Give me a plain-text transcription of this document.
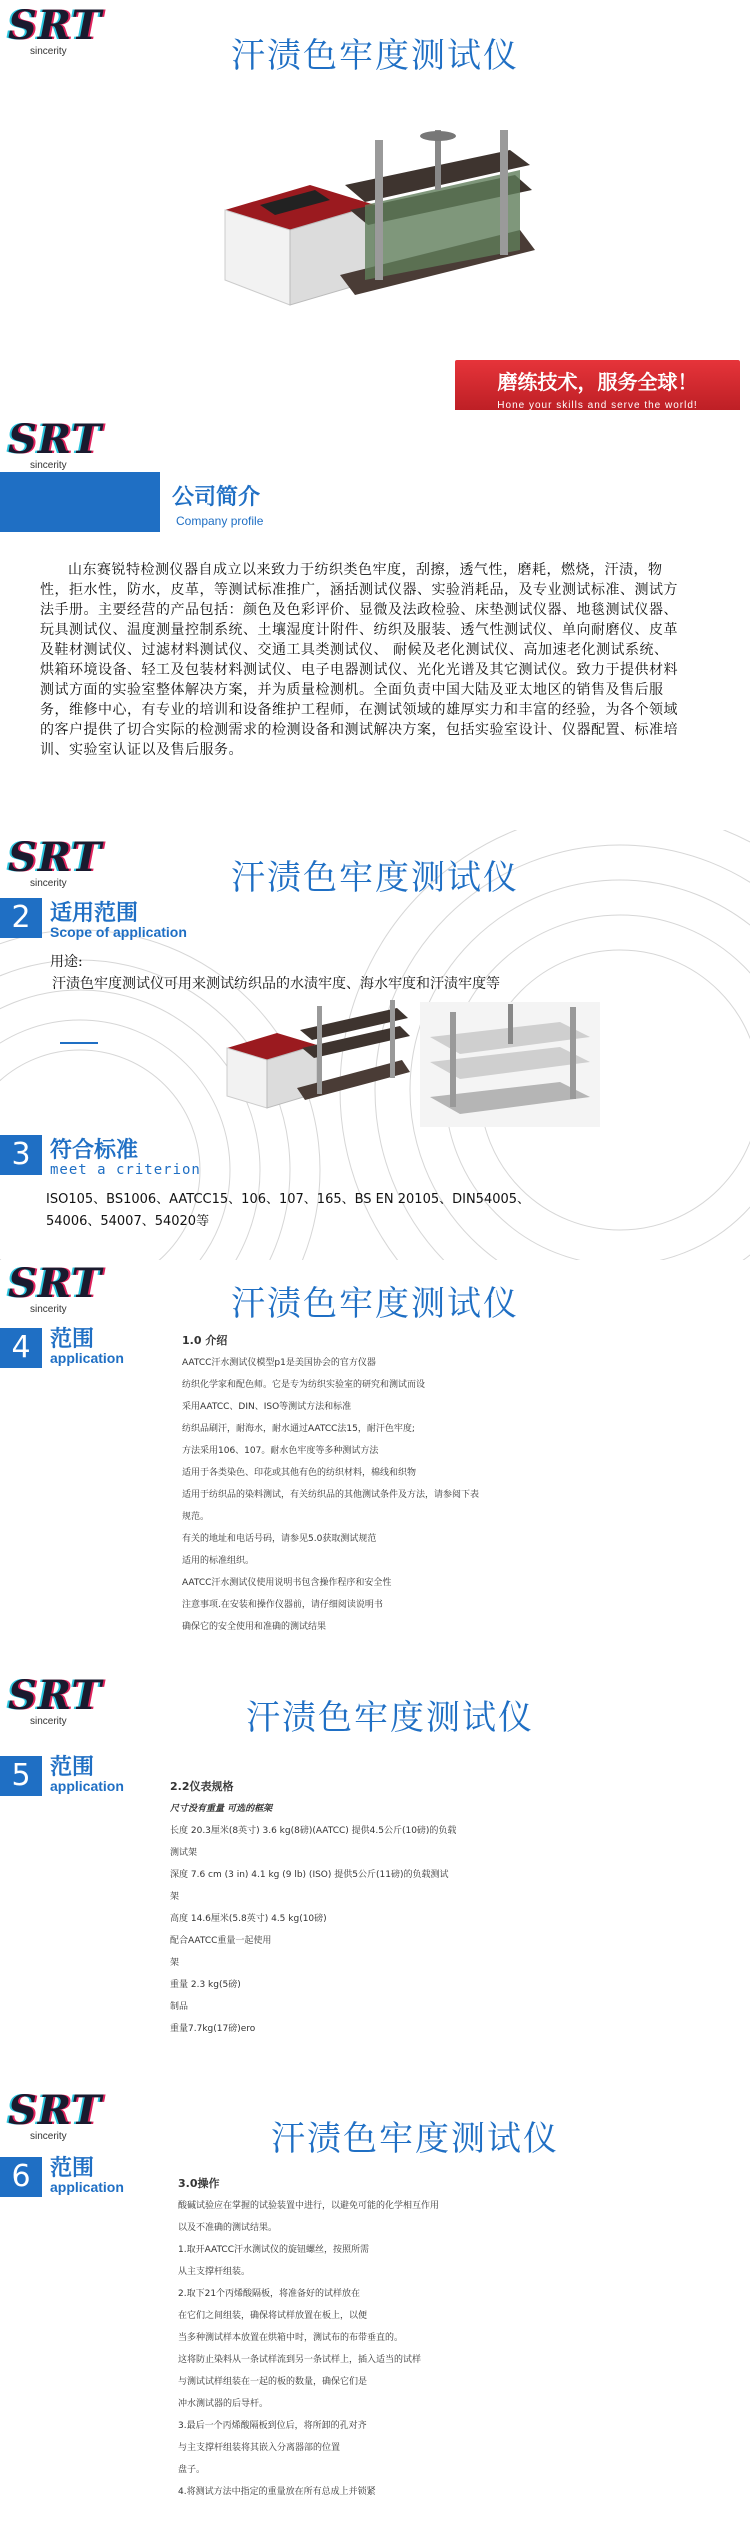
SRT
sincerity	汗渍色牢度测试仪
磨练技术，服务全球！
Hone your skills and serve the world!
SRT
sincerity
公司简介
Company profile
山东赛锐特检测仪器自成立以来致力于纺织类色牢度，刮擦，透气性，磨耗，燃烧，汗渍，物性，拒水性，防水，皮革，等测试标准推广，涵括测试仪器、实验消耗品，及专业测试标准、测试方法手册。主要经营的产品包括：颜色及色彩评价、显微及法政检验、床垫测试仪器、地毯测试仪器、玩具测试仪、温度测量控制系统、土壤湿度计附件、纺织及服装、透气性测试仪、单向耐磨仪、皮革及鞋材测试仪、过滤材料测试仪、交通工具类测试仪、 耐候及老化测试仪、高加速老化测试系统、烘箱环境设备、轻工及包装材料测试仪、电子电器测试仪、光化光谱及其它测试仪。致力于提供材料测试方面的实验室整体解决方案，并为质量检测机。全面负责中国大陆及亚太地区的销售及售后服务，维修中心，有专业的培训和设备维护工程师，在测试领域的雄厚实力和丰富的经验，为各个领域的客户提供了切合实际的检测需求的检测设备和测试解决方案，包括实验室设计、仪器配置、标准培训、实验室认证以及售后服务。
SRT
sincerity	汗渍色牢度测试仪
2 适用范围
Scope of application
用途:
汗渍色牢度测试仪可用来测试纺织品的水渍牢度、海水牢度和汗渍牢度等
3 符合标准
meet a criterion
ISO105、BS1006、AATCC15、106、107、165、BS EN 20105、DIN54005、
54006、54007、54020等
SRT
sincerity	汗渍色牢度测试仪
4 范围
application
1.0 介绍
AATCC汗水测试仪模型p1是美国协会的官方仪器
纺织化学家和配色师。它是专为纺织实验室的研究和测试而设
采用AATCC、DIN、ISO等测试方法和标准
纺织品刷汗，耐海水，耐水通过AATCC法15，耐汗色牢度;
方法采用106、107。耐水色牢度等多种测试方法
适用于各类染色、印花或其他有色的纺织材料，棉线和织物
适用于纺织品的染料测试，有关纺织品的其他测试条件及方法，请参阅下表
规范。
有关的地址和电话号码，请参见5.0获取测试规范
适用的标准组织。
AATCC汗水测试仪使用说明书包含操作程序和安全性
注意事项.在安装和操作仪器前，请仔细阅读说明书
确保它的安全使用和准确的测试结果
SRT
sincerity	汗渍色牢度测试仪
5 范围
application	2.2仪表规格
尺寸没有重量 可选的框架
长度 20.3厘米(8英寸) 3.6 kg(8磅)(AATCC) 提供4.5公斤(10磅)的负载
测试架
深度 7.6 cm (3 in) 4.1 kg (9 lb) (ISO) 提供5公斤(11磅)的负载测试
架
高度 14.6厘米(5.8英寸) 4.5 kg(10磅)
配合AATCC重量一起使用
架
重量 2.3 kg(5磅)
制品
重量7.7kg(17磅)ero
SRT
sincerity	汗渍色牢度测试仪
6 范围
application	3.0操作
酸碱试验应在掌握的试验装置中进行，以避免可能的化学相互作用
以及不准确的测试结果。
1.取开AATCC汗水测试仪的旋钮螺丝，按照所需
从主支撑杆组装。
2.取下21个丙烯酸隔板，将准备好的试样放在
在它们之间组装，确保将试样放置在板上，以便
当多种测试样本放置在烘箱中时，测试布的布带垂直的。
这将防止染料从一条试样流到另一条试样上，插入适当的试样
与测试试样组装在一起的板的数量，确保它们是
冲水测试器的后导杆。
3.最后一个丙烯酸隔板到位后，将所卸的孔对齐
与主支撑杆组装将其嵌入分离器部的位置
盘子。
4.将测试方法中指定的重量放在所有总成上并锁紧
